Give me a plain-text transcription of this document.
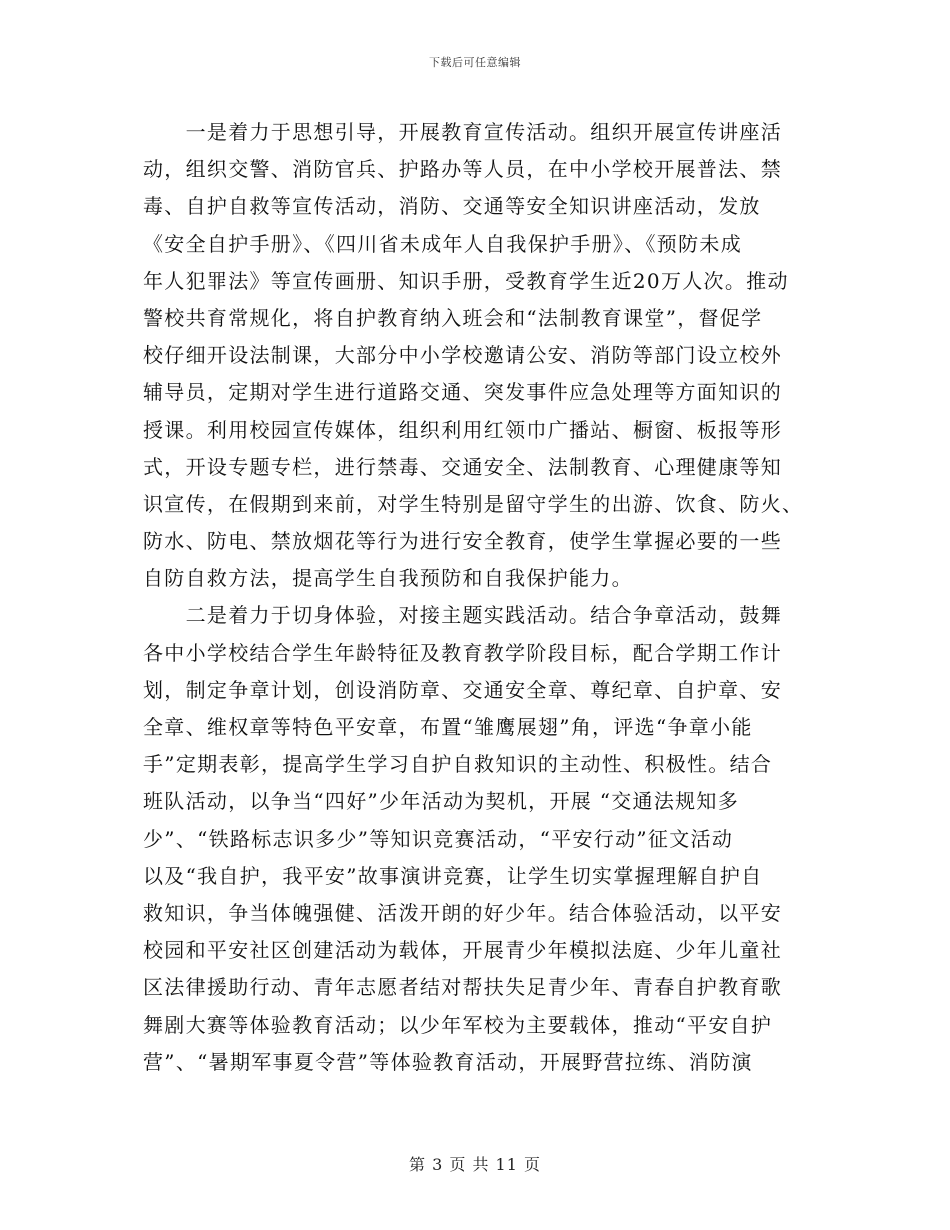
下载后可任意编辑
　　一是着力于思想引导，开展教育宣传活动。组织开展宣传讲座活
动，组织交警、消防官兵、护路办等人员，在中小学校开展普法、禁
毒、自护自救等宣传活动，消防、交通等安全知识讲座活动，发放
《安全自护手册》、《四川省未成年人自我保护手册》、《预防未成
年人犯罪法》等宣传画册、知识手册，受教育学生近20万人次。推动
警校共育常规化，将自护教育纳入班会和“法制教育课堂”，督促学
校仔细开设法制课，大部分中小学校邀请公安、消防等部门设立校外
辅导员，定期对学生进行道路交通、突发事件应急处理等方面知识的
授课。利用校园宣传媒体，组织利用红领巾广播站、橱窗、板报等形
式，开设专题专栏，进行禁毒、交通安全、法制教育、心理健康等知
识宣传，在假期到来前，对学生特别是留守学生的出游、饮食、防火、
防水、防电、禁放烟花等行为进行安全教育，使学生掌握必要的一些
自防自救方法，提高学生自我预防和自我保护能力。
　　二是着力于切身体验，对接主题实践活动。结合争章活动，鼓舞
各中小学校结合学生年龄特征及教育教学阶段目标，配合学期工作计
划，制定争章计划，创设消防章、交通安全章、尊纪章、自护章、安
全章、维权章等特色平安章，布置“雏鹰展翅”角，评选“争章小能
手”定期表彰，提高学生学习自护自救知识的主动性、积极性。结合
班队活动，以争当“四好”少年活动为契机，开展 “交通法规知多
少”、“铁路标志识多少”等知识竞赛活动，“平安行动”征文活动
以及“我自护，我平安”故事演讲竞赛，让学生切实掌握理解自护自
救知识，争当体魄强健、活泼开朗的好少年。结合体验活动，以平安
校园和平安社区创建活动为载体，开展青少年模拟法庭、少年儿童社
区法律援助行动、青年志愿者结对帮扶失足青少年、青春自护教育歌
舞剧大赛等体验教育活动；以少年军校为主要载体，推动“平安自护
营”、“暑期军事夏令营”等体验教育活动，开展野营拉练、消防演
第 3 页 共 11 页
